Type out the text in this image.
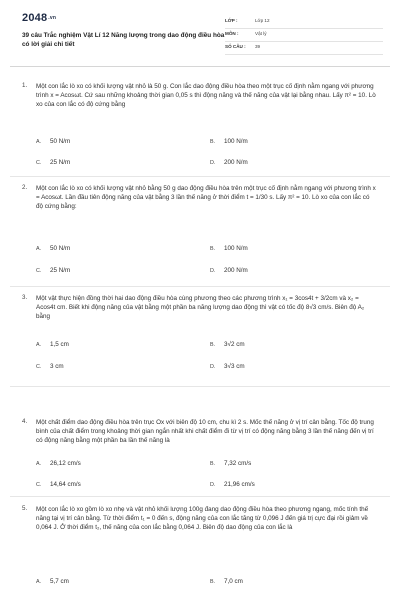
$2048^{.vn}$
39 câu Trắc nghiệm Vật Lí 12 Năng lượng trong dao động điều hòa có lời giải chi tiết
LỚP :	Lớp 12
MÔN :	Vật lý
SỐ CÂU : 39
1. Một con lắc lò xo có khối lượng vật nhỏ là 50 g. Con lắc dao động điều hòa theo một trục cố định nằm ngang với phương trình x = Acosωt. Cứ sau những khoảng thời gian 0,05 s thì động năng và thế năng của vật lại bằng nhau. Lấy π² = 10. Lò xo của con lắc có độ cứng bằng
A. 50 N/m	B. 100 N/m
C. 25 N/m	D. 200 N/m
2. Một con lắc lò xo có khối lượng vật nhỏ bằng 50 g dao động điều hòa trên một trục cố định nằm ngang với phương trình x = Acosωt. Lần đầu tiên động năng của vật bằng 3 lần thế năng ở thời điểm t = 1/30 s. Lấy π² = 10. Lò xo của con lắc có độ cứng bằng:
A. 50 N/m	B. 100 N/m
C. 25 N/m	D. 200 N/m
3. Một vật thực hiện đồng thời hai dao động điều hòa cùng phương theo các phương trình x₁ = 3cos4t + 3/2cm và x₂ = Acos4t cm. Biết khi động năng của vật bằng một phần ba năng lượng dao động thì vật có tốc độ 8√3 cm/s. Biên độ A₂ bằng
A. 1,5 cm	B. 3√2 cm
C. 3 cm	D. 3√3 cm
4. Một chất điểm dao động điều hòa trên trục Ox với biên độ 10 cm, chu kì 2 s. Mốc thế năng ở vị trí cân bằng. Tốc độ trung bình của chất điểm trong khoảng thời gian ngắn nhất khi chất điểm đi từ vị trí có động năng bằng 3 lần thế năng đến vị trí có động năng bằng một phần ba lần thế năng là
A. 26,12 cm/s	B. 7,32 cm/s
C. 14,64 cm/s	D. 21,96 cm/s
5. Một con lắc lò xo gồm lò xo nhẹ và vật nhỏ khối lượng 100g đang dao động điều hòa theo phương ngang, mốc tính thế năng tại vị trí cân bằng. Từ thời điểm t₁ = 0 đến s, động năng của con lắc tăng từ 0,096 J đến giá trị cực đại rồi giảm về 0,064 J. Ở thời điểm t₂, thế năng của con lắc bằng 0,064 J. Biên độ dao động của con lắc là
A. 5,7 cm	B. 7,0 cm
